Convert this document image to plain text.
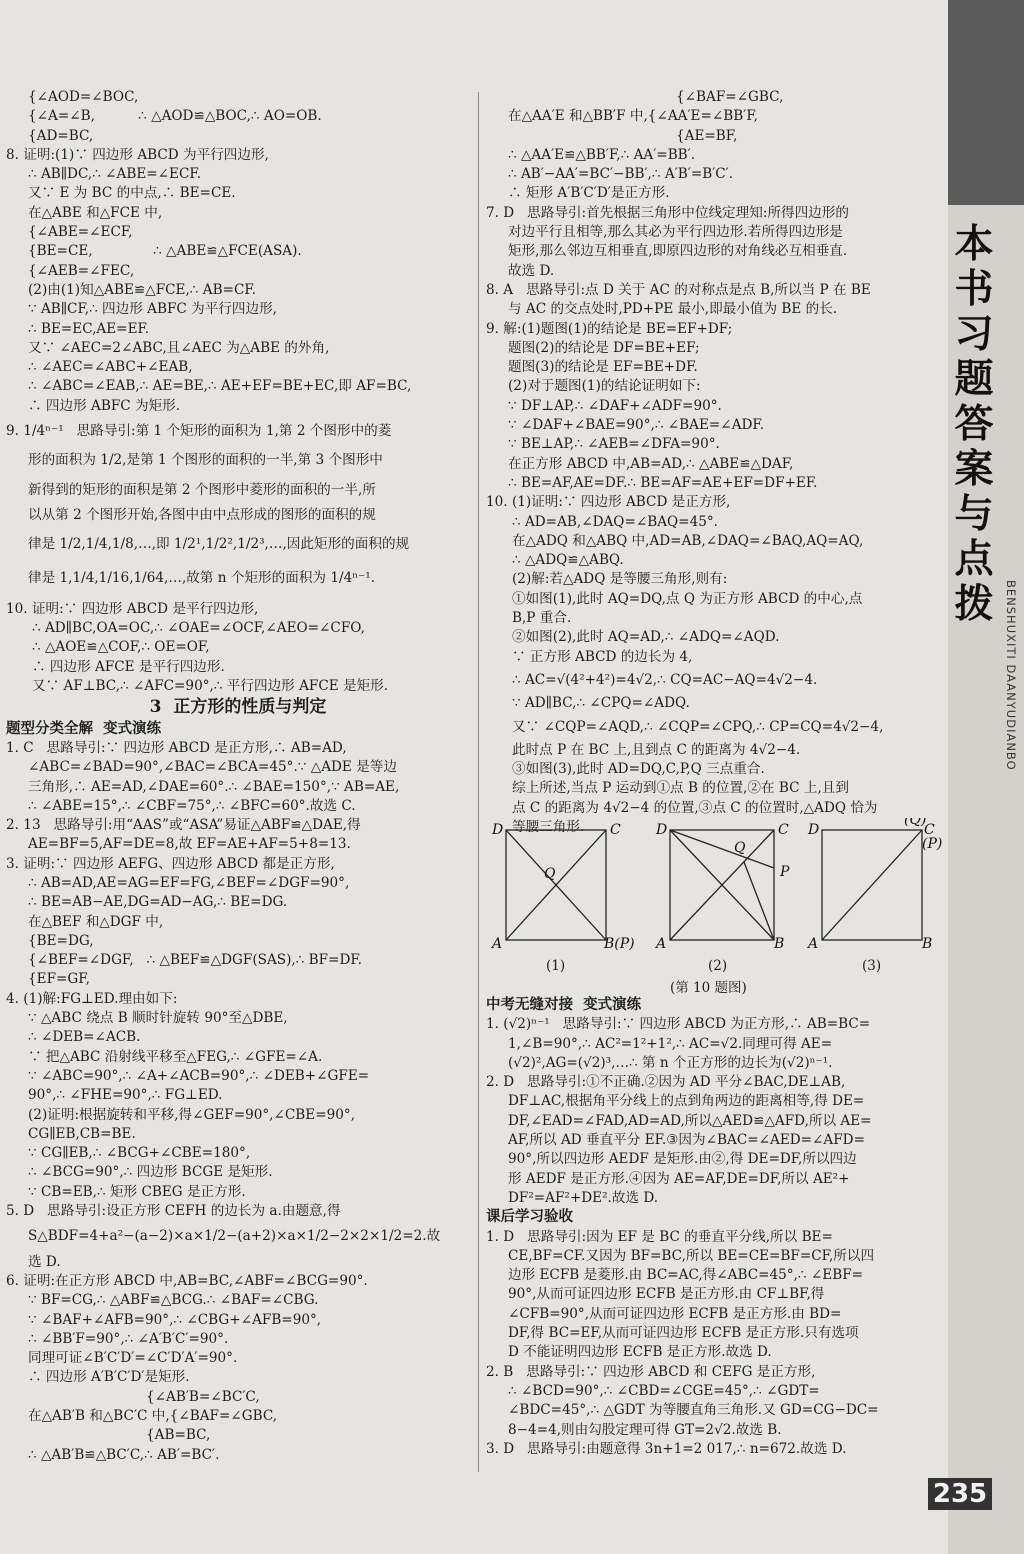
本
书
习
题
答
案
与
点
拨 BENSHUXITI DAANYUDIANBO
{∠AOD=∠BOC,
{∠A=∠B,          ∴ △AOD≌△BOC,∴ AO=OB.
{AD=BC,
8. 证明:(1)∵ 四边形 ABCD 为平行四边形,
∴ AB∥DC,∴ ∠ABE=∠ECF.
又∵ E 为 BC 的中点,∴ BE=CE.
在△ABE 和△FCE 中,
{∠ABE=∠ECF,
{BE=CE,              ∴ △ABE≌△FCE(ASA).
{∠AEB=∠FEC,
(2)由(1)知△ABE≌△FCE,∴ AB=CF.
∵ AB∥CF,∴ 四边形 ABFC 为平行四边形,
∴ BE=EC,AE=EF.
又∵ ∠AEC=2∠ABC,且∠AEC 为△ABE 的外角,
∴ ∠AEC=∠ABC+∠EAB,
∴ ∠ABC=∠EAB,∴ AE=BE,∴ AE+EF=BE+EC,即 AF=BC,
∴ 四边形 ABFC 为矩形.
9. 1/4ⁿ⁻¹   思路导引:第 1 个矩形的面积为 1,第 2 个图形中的菱
形的面积为 1/2,是第 1 个图形的面积的一半,第 3 个图形中
新得到的矩形的面积是第 2 个图形中菱形的面积的一半,所
以从第 2 个图形开始,各图中由中点形成的图形的面积的规
律是 1/2,1/4,1/8,…,即 1/2¹,1/2²,1/2³,…,因此矩形的面积的规
律是 1,1/4,1/16,1/64,…,故第 n 个矩形的面积为 1/4ⁿ⁻¹.
10. 证明:∵ 四边形 ABCD 是平行四边形,
∴ AD∥BC,OA=OC,∴ ∠OAE=∠OCF,∠AEO=∠CFO,
∴ △AOE≌△COF,∴ OE=OF,
∴ 四边形 AFCE 是平行四边形.
又∵ AF⊥BC,∴ ∠AFC=90°,∴ 平行四边形 AFCE 是矩形.
3  正方形的性质与判定
题型分类全解  变式演练
1. C   思路导引:∵ 四边形 ABCD 是正方形,∴ AB=AD,
∠ABC=∠BAD=90°,∠BAC=∠BCA=45°.∵ △ADE 是等边
三角形,∴ AE=AD,∠DAE=60°.∴ ∠BAE=150°,∵ AB=AE,
∴ ∠ABE=15°,∴ ∠CBF=75°,∴ ∠BFC=60°.故选 C.
2. 13   思路导引:用“AAS”或“ASA”易证△ABF≌△DAE,得
AE=BF=5,AF=DE=8,故 EF=AE+AF=5+8=13.
3. 证明:∵ 四边形 AEFG、四边形 ABCD 都是正方形,
∴ AB=AD,AE=AG=EF=FG,∠BEF=∠DGF=90°,
∴ BE=AB−AE,DG=AD−AG,∴ BE=DG.
在△BEF 和△DGF 中,
{BE=DG,
{∠BEF=∠DGF,   ∴ △BEF≌△DGF(SAS),∴ BF=DF.
{EF=GF,
4. (1)解:FG⊥ED.理由如下:
∵ △ABC 绕点 B 顺时针旋转 90°至△DBE,
∴ ∠DEB=∠ACB.
∵ 把△ABC 沿射线平移至△FEG,∴ ∠GFE=∠A.
∵ ∠ABC=90°,∴ ∠A+∠ACB=90°,∴ ∠DEB+∠GFE=
90°,∴ ∠FHE=90°,∴ FG⊥ED.
(2)证明:根据旋转和平移,得∠GEF=90°,∠CBE=90°,
CG∥EB,CB=BE.
∵ CG∥EB,∴ ∠BCG+∠CBE=180°,
∴ ∠BCG=90°,∴ 四边形 BCGE 是矩形.
∵ CB=EB,∴ 矩形 CBEG 是正方形.
5. D   思路导引:设正方形 CEFH 的边长为 a.由题意,得
S△BDF=4+a²−(a−2)×a×1/2−(a+2)×a×1/2−2×2×1/2=2.故
选 D.
6. 证明:在正方形 ABCD 中,AB=BC,∠ABF=∠BCG=90°.
∵ BF=CG,∴ △ABF≌△BCG.∴ ∠BAF=∠CBG.
∵ ∠BAF+∠AFB=90°,∴ ∠CBG+∠AFB=90°,
∴ ∠BB′F=90°,∴ ∠A′B′C′=90°.
同理可证∠B′C′D′=∠C′D′A′=90°.
∴ 四边形 A′B′C′D′是矩形.
{∠AB′B=∠BC′C,
在△AB′B 和△BC′C 中,{∠BAF=∠GBC,
{AB=BC,
∴ △AB′B≌△BC′C,∴ AB′=BC′.
{∠BAF=∠GBC,
在△AA′E 和△BB′F 中,{∠AA′E=∠BB′F,
{AE=BF,
∴ △AA′E≌△BB′F,∴ AA′=BB′.
∴ AB′−AA′=BC′−BB′,∴ A′B′=B′C′.
∴ 矩形 A′B′C′D′是正方形.
7. D   思路导引:首先根据三角形中位线定理知:所得四边形的
对边平行且相等,那么其必为平行四边形.若所得四边形是
矩形,那么邻边互相垂直,即原四边形的对角线必互相垂直.
故选 D.
8. A   思路导引:点 D 关于 AC 的对称点是点 B,所以当 P 在 BE
与 AC 的交点处时,PD+PE 最小,即最小值为 BE 的长.
9. 解:(1)题图(1)的结论是 BE=EF+DF;
题图(2)的结论是 DF=BE+EF;
题图(3)的结论是 EF=BE+DF.
(2)对于题图(1)的结论证明如下:
∵ DF⊥AP,∴ ∠DAF+∠ADF=90°.
∵ ∠DAF+∠BAE=90°,∴ ∠BAE=∠ADF.
∵ BE⊥AP,∴ ∠AEB=∠DFA=90°.
在正方形 ABCD 中,AB=AD,∴ △ABE≌△DAF,
∴ BE=AF,AE=DF.∴ BE=AF=AE+EF=DF+EF.
10. (1)证明:∵ 四边形 ABCD 是正方形,
∴ AD=AB,∠DAQ=∠BAQ=45°.
在△ADQ 和△ABQ 中,AD=AB,∠DAQ=∠BAQ,AQ=AQ,
∴ △ADQ≌△ABQ.
(2)解:若△ADQ 是等腰三角形,则有:
①如图(1),此时 AQ=DQ,点 Q 为正方形 ABCD 的中心,点
B,P 重合.
②如图(2),此时 AQ=AD,∴ ∠ADQ=∠AQD.
∵ 正方形 ABCD 的边长为 4,
∴ AC=√(4²+4²)=4√2,∴ CQ=AC−AQ=4√2−4.
∵ AD∥BC,∴ ∠CPQ=∠ADQ.
又∵ ∠CQP=∠AQD,∴ ∠CQP=∠CPQ,∴ CP=CQ=4√2−4,
此时点 P 在 BC 上,且到点 C 的距离为 4√2−4.
③如图(3),此时 AD=DQ,C,P,Q 三点重合.
综上所述,当点 P 运动到①点 B 的位置,②在 BC 上,且到
点 C 的距离为 4√2−4 的位置,③点 C 的位置时,△ADQ 恰为
等腰三角形.
D	C
Q
A	B(P)
D	C
Q
P
A	B
D
(Q)
C
(P)
A	B
(1)	(2)	(3)
(第 10 题图)
中考无缝对接  变式演练
1. (√2)ⁿ⁻¹   思路导引:∵ 四边形 ABCD 为正方形,∴ AB=BC=
1,∠B=90°,∴ AC²=1²+1²,∴ AC=√2.同理可得 AE=
(√2)²,AG=(√2)³,…∴ 第 n 个正方形的边长为(√2)ⁿ⁻¹.
2. D   思路导引:①不正确.②因为 AD 平分∠BAC,DE⊥AB,
DF⊥AC,根据角平分线上的点到角两边的距离相等,得 DE=
DF,∠EAD=∠FAD,AD=AD,所以△AED≌△AFD,所以 AE=
AF,所以 AD 垂直平分 EF.③因为∠BAC=∠AED=∠AFD=
90°,所以四边形 AEDF 是矩形.由②,得 DE=DF,所以四边
形 AEDF 是正方形.④因为 AE=AF,DE=DF,所以 AE²+
DF²=AF²+DE².故选 D.
课后学习验收
1. D   思路导引:因为 EF 是 BC 的垂直平分线,所以 BE=
CE,BF=CF.又因为 BF=BC,所以 BE=CE=BF=CF,所以四
边形 ECFB 是菱形.由 BC=AC,得∠ABC=45°,∴ ∠EBF=
90°,从而可证四边形 ECFB 是正方形.由 CF⊥BF,得
∠CFB=90°,从而可证四边形 ECFB 是正方形.由 BD=
DF,得 BC=EF,从而可证四边形 ECFB 是正方形.只有选项
D 不能证明四边形 ECFB 是正方形.故选 D.
2. B   思路导引:∵ 四边形 ABCD 和 CEFG 是正方形,
∴ ∠BCD=90°,∴ ∠CBD=∠CGE=45°,∴ ∠GDT=
∠BDC=45°,∴ △GDT 为等腰直角三角形.又 GD=CG−DC=
8−4=4,则由勾股定理可得 GT=2√2.故选 B.
3. D   思路导引:由题意得 3n+1=2 017,∴ n=672.故选 D.
235
